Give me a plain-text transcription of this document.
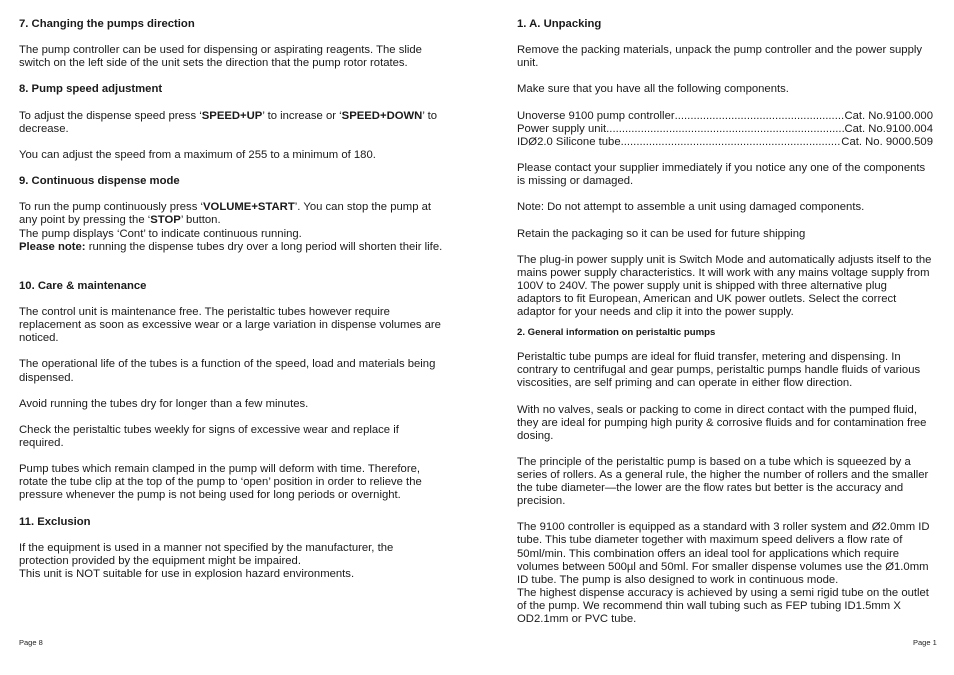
7. Changing the pumps direction

The pump controller can be used for dispensing or aspirating reagents. The slide switch on the left side of the unit sets the direction that the pump rotor rotates.

8. Pump speed adjustment

To adjust the dispense speed press ‘SPEED+UP’ to increase or ‘SPEED+DOWN’ to decrease.

You can adjust the speed from a maximum of 255 to a minimum of 180.

9. Continuous dispense mode

To run the pump continuously press ‘VOLUME+START’. You can stop the pump at any point by pressing the ‘STOP’ button.

The pump displays ‘Cont’ to indicate continuous running.

Please note: running the dispense tubes dry over a long period will shorten their life.

10. Care & maintenance

The control unit is maintenance free. The peristaltic tubes however require replacement as soon as excessive wear or a large variation in dispense volumes are noticed.

The operational life of the tubes is a function of the speed, load and materials being dispensed.

Avoid running the tubes dry for longer than a few minutes.

Check the peristaltic tubes weekly for signs of excessive wear and replace if required.

Pump tubes which remain clamped in the pump will deform with time. Therefore, rotate the tube clip at the top of the pump to ‘open’ position in order to relieve the pressure whenever the pump is not being used for long periods or overnight.

11. Exclusion

If the equipment is used in a manner not specified by the manufacturer, the protection provided by the equipment might be impaired.

This unit is NOT suitable for use in explosion hazard environments.

1. A. Unpacking

Remove the packing materials, unpack the pump controller and the power supply unit.

Make sure that you have all the following components.

Unoverse 9100 pump controller .....	Cat. No.9100.000
Power supply unit .....	Cat. No.9100.004
IDØ2.0 Silicone tube .....	Cat. No. 9000.509

Please contact your supplier immediately if you notice any one of the components is missing or damaged.

Note: Do not attempt to assemble a unit using damaged components.

Retain the packaging so it can be used for future shipping

The plug-in power supply unit is Switch Mode and automatically adjusts itself to the mains power supply characteristics. It will work with any mains voltage supply from 100V to 240V. The power supply unit is shipped with three alternative plug adaptors to fit European, American and UK power outlets. Select the correct adaptor for your needs and clip it into the power supply.

2. General information on peristaltic pumps

Peristaltic tube pumps are ideal for fluid transfer, metering and dispensing. In contrary to centrifugal and gear pumps, peristaltic pumps handle fluids of various viscosities, are self priming and can operate in either flow direction.

With no valves, seals or packing to come in direct contact with the pumped fluid, they are ideal for pumping high purity & corrosive fluids and for contamination free dosing.

The principle of the peristaltic pump is based on a tube which is squeezed by a series of rollers. As a general rule, the higher the number of rollers and the smaller the tube diameter—the lower are the flow rates but better is the accuracy and precision.

The 9100 controller is equipped as a standard with 3 roller system and Ø2.0mm ID tube. This tube diameter together with maximum speed delivers a flow rate of 50ml/min. This combination offers an ideal tool for applications which require volumes between 500µl and 50ml. For smaller dispense volumes use the Ø1.0mm ID tube. The pump is also designed to work in continuous mode.

The highest dispense accuracy is achieved by using a semi rigid tube on the outlet of the pump. We recommend thin wall tubing such as FEP tubing ID1.5mm X OD2.1mm or PVC tube.

Page 8	Page 1
